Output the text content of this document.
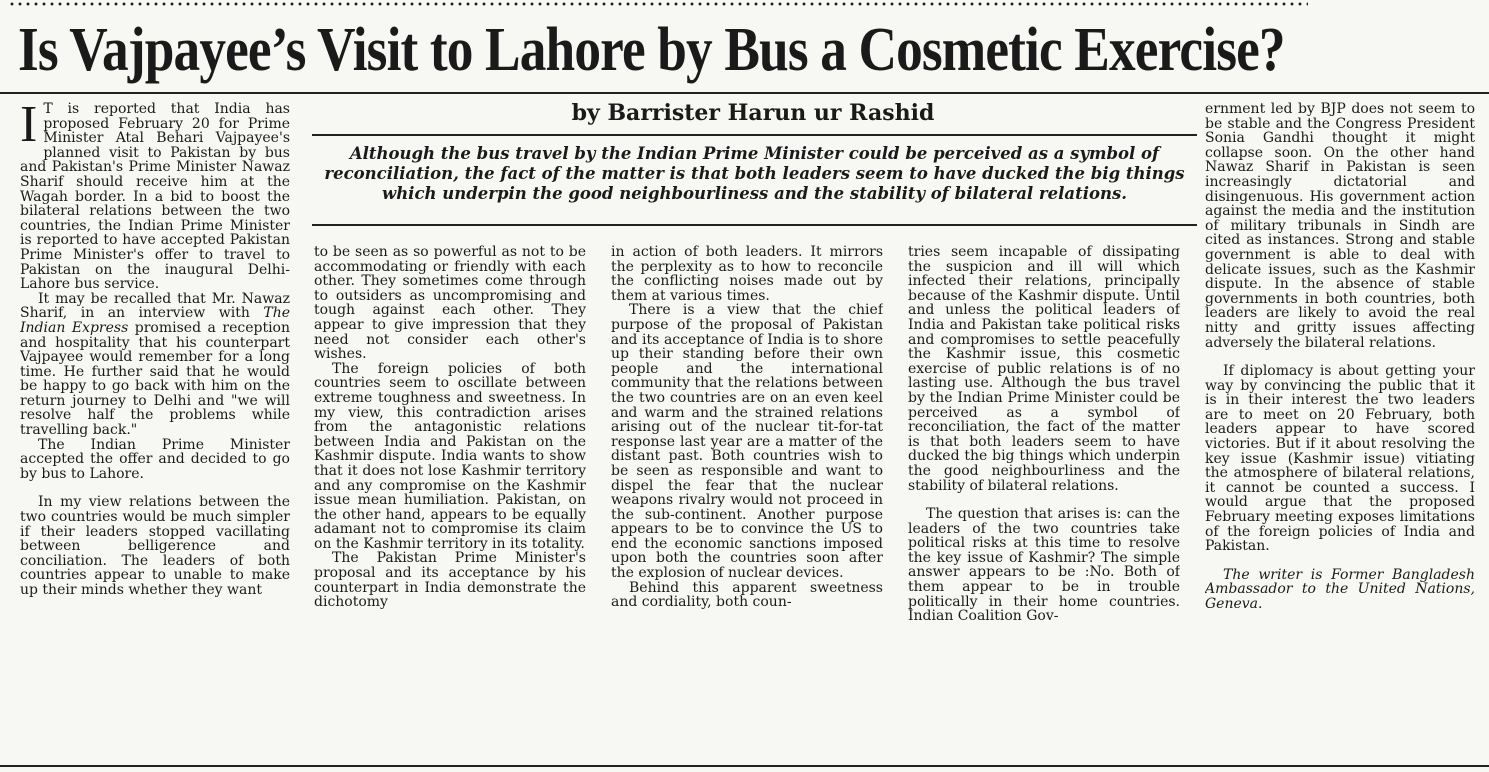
Is Vajpayee’s Visit to Lahore by Bus a Cosmetic Exercise?
by Barrister Harun ur Rashid
Although the bus travel by the Indian Prime Minister could be perceived as a symbol of reconciliation, the fact of the matter is that both leaders seem to have ducked the big things which underpin the good neighbourliness and the stability of bilateral relations.

I T is reported that India has proposed February 20 for Prime Minister Atal Behari Vajpayee's planned visit to Pakistan by bus and Pakistan's Prime Minister Nawaz Sharif should receive him at the Wagah border. In a bid to boost the bilateral relations between the two countries, the Indian Prime Minister is reported to have accepted Pakistan Prime Minister's offer to travel to Pakistan on the inaugural Delhi-Lahore bus service.

It may be recalled that Mr. Nawaz Sharif, in an interview with The Indian Express promised a reception and hospitality that his counterpart Vajpayee would remember for a long time. He further said that he would be happy to go back with him on the return journey to Delhi and "we will resolve half the problems while travelling back."

The Indian Prime Minister accepted the offer and decided to go by bus to Lahore.

In my view relations between the two countries would be much simpler if their leaders stopped vacillating between belligerence and conciliation. The leaders of both countries appear to unable to make up their minds whether they want

to be seen as so powerful as not to be accommodating or friendly with each other. They sometimes come through to outsiders as uncompromising and tough against each other. They appear to give impression that they need not consider each other's wishes.

The foreign policies of both countries seem to oscillate between extreme toughness and sweetness. In my view, this contradiction arises from the antagonistic relations between India and Pakistan on the Kashmir dispute. India wants to show that it does not lose Kashmir territory and any compromise on the Kashmir issue mean humiliation. Pakistan, on the other hand, appears to be equally adamant not to compromise its claim on the Kashmir territory in its totality.

The Pakistan Prime Minister's proposal and its acceptance by his counterpart in India demonstrate the dichotomy

in action of both leaders. It mirrors the perplexity as to how to reconcile the conflicting noises made out by them at various times.

There is a view that the chief purpose of the proposal of Pakistan and its acceptance of India is to shore up their standing before their own people and the international community that the relations between the two countries are on an even keel and warm and the strained relations arising out of the nuclear tit-for-tat response last year are a matter of the distant past. Both countries wish to be seen as responsible and want to dispel the fear that the nuclear weapons rivalry would not proceed in the sub-continent. Another purpose appears to be to convince the US to end the economic sanctions imposed upon both the countries soon after the explosion of nuclear devices.

Behind this apparent sweetness and cordiality, both coun-

tries seem incapable of dissipating the suspicion and ill will which infected their relations, principally because of the Kashmir dispute. Until and unless the political leaders of India and Pakistan take political risks and compromises to settle peacefully the Kashmir issue, this cosmetic exercise of public relations is of no lasting use. Although the bus travel by the Indian Prime Minister could be perceived as a symbol of reconciliation, the fact of the matter is that both leaders seem to have ducked the big things which underpin the good neighbourliness and the stability of bilateral relations.

The question that arises is: can the leaders of the two countries take political risks at this time to resolve the key issue of Kashmir? The simple answer appears to be :No. Both of them appear to be in trouble politically in their home countries. Indian Coalition Gov-

ernment led by BJP does not seem to be stable and the Congress President Sonia Gandhi thought it might collapse soon. On the other hand Nawaz Sharif in Pakistan is seen increasingly dictatorial and disingenuous. His government action against the media and the institution of military tribunals in Sindh are cited as instances. Strong and stable government is able to deal with delicate issues, such as the Kashmir dispute. In the absence of stable governments in both countries, both leaders are likely to avoid the real nitty and gritty issues affecting adversely the bilateral relations.

If diplomacy is about getting your way by convincing the public that it is in their interest the two leaders are to meet on 20 February, both leaders appear to have scored victories. But if it about resolving the key issue (Kashmir issue) vitiating the atmosphere of bilateral relations, it cannot be counted a success. I would argue that the proposed February meeting exposes limitations of the foreign policies of India and Pakistan.

The writer is Former Bangladesh Ambassador to the United Nations, Geneva.
